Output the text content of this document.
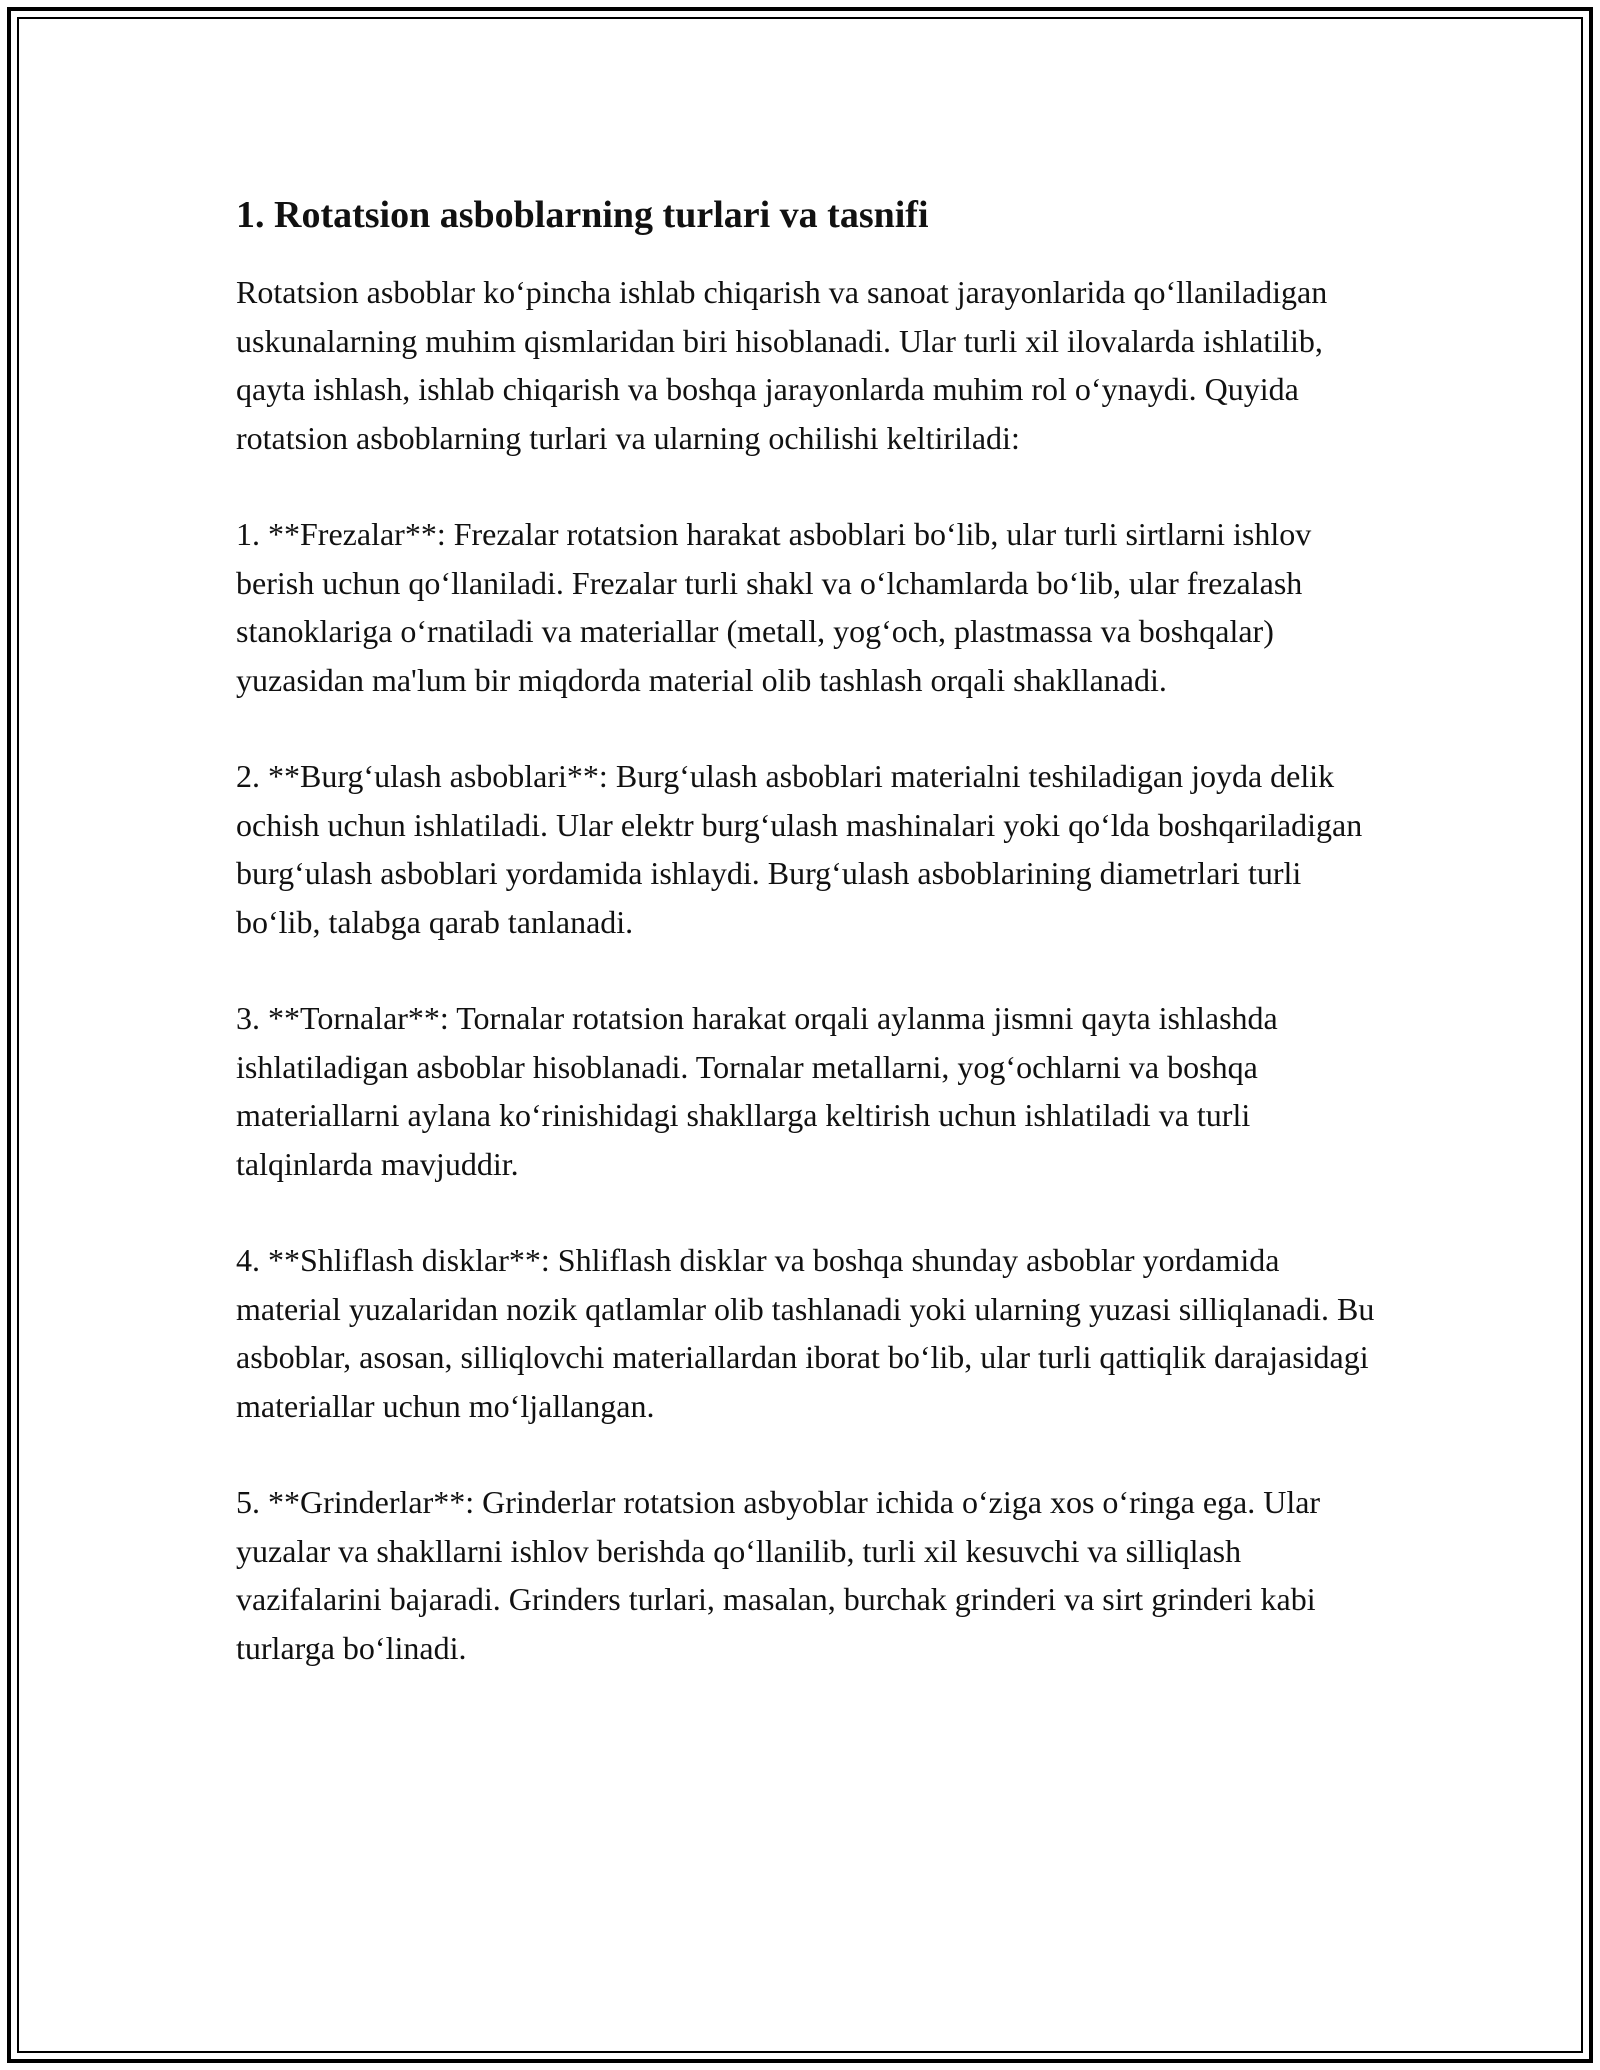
1. Rotatsion asboblarning turlari va tasnifi

Rotatsion asboblar ko‘pincha ishlab chiqarish va sanoat jarayonlarida qo‘llaniladigan uskunalarning muhim qismlaridan biri hisoblanadi. Ular turli xil ilovalarda ishlatilib, qayta ishlash, ishlab chiqarish va boshqa jarayonlarda muhim rol o‘ynaydi. Quyida rotatsion asboblarning turlari va ularning ochilishi keltiriladi:

1. **Frezalar**: Frezalar rotatsion harakat asboblari bo‘lib, ular turli sirtlarni ishlov berish uchun qo‘llaniladi. Frezalar turli shakl va o‘lchamlarda bo‘lib, ular frezalash stanoklariga o‘rnatiladi va materiallar (metall, yog‘och, plastmassa va boshqalar) yuzasidan ma'lum bir miqdorda material olib tashlash orqali shakllanadi.

2. **Burg‘ulash asboblari**: Burg‘ulash asboblari materialni teshiladigan joyda delik ochish uchun ishlatiladi. Ular elektr burg‘ulash mashinalari yoki qo‘lda boshqariladigan burg‘ulash asboblari yordamida ishlaydi. Burg‘ulash asboblarining diametrlari turli bo‘lib, talabga qarab tanlanadi.

3. **Tornalar**: Tornalar rotatsion harakat orqali aylanma jismni qayta ishlashda ishlatiladigan asboblar hisoblanadi. Tornalar metallarni, yog‘ochlarni va boshqa materiallarni aylana ko‘rinishidagi shakllarga keltirish uchun ishlatiladi va turli talqinlarda mavjuddir.

4. **Shliflash disklar**: Shliflash disklar va boshqa shunday asboblar yordamida material yuzalaridan nozik qatlamlar olib tashlanadi yoki ularning yuzasi silliqlanadi. Bu asboblar, asosan, silliqlovchi materiallardan iborat bo‘lib, ular turli qattiqlik darajasidagi materiallar uchun mo‘ljallangan.

5. **Grinderlar**: Grinderlar rotatsion asbyoblar ichida o‘ziga xos o‘ringa ega. Ular yuzalar va shakllarni ishlov berishda qo‘llanilib, turli xil kesuvchi va silliqlash vazifalarini bajaradi. Grinders turlari, masalan, burchak grinderi va sirt grinderi kabi turlarga bo‘linadi.
